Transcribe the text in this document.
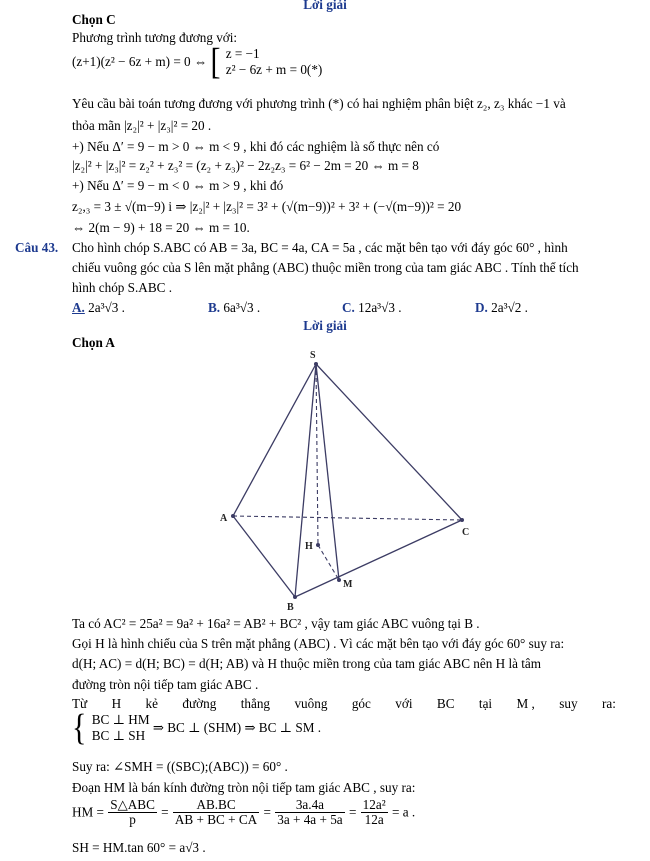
Lời giải
Chọn C
Phương trình tương đương với:
(z+1)(z² − 6z + m) = 0 ⇔ [ z = −1
z² − 6z + m = 0(*)
Yêu cầu bài toán tương đương với phương trình (*) có hai nghiệm phân biệt z₂, z₃ khác −1 và
thỏa mãn |z₂|² + |z₃|² = 20 .
+) Nếu Δ′ = 9 − m > 0 ⇔ m < 9 , khi đó các nghiệm là số thực nên có
|z₂|² + |z₃|² = z₂² + z₃² = (z₂ + z₃)² − 2z₂z₃ = 6² − 2m = 20 ⇔ m = 8
+) Nếu Δ′ = 9 − m < 0 ⇔ m > 9 , khi đó
z₂,₃ = 3 ± √(m−9) i ⇒ |z₂|² + |z₃|² = 3² + (√(m−9))² + 3² + (−√(m−9))² = 20
⇔ 2(m − 9) + 18 = 20 ⇔ m = 10.
Câu 43. Cho hình chóp S.ABC có AB = 3a, BC = 4a, CA = 5a , các mặt bên tạo với đáy góc 60° , hình
chiếu vuông góc của S lên mặt phẳng (ABC) thuộc miền trong của tam giác ABC . Tính thể tích
hình chóp S.ABC .
A. 2a³√3 .	B. 6a³√3 .	C. 12a³√3 .	D. 2a³√2 .
Lời giải
Chọn A
S
A
B
C
H
M
Ta có AC² = 25a² = 9a² + 16a² = AB² + BC² , vậy tam giác ABC vuông tại B .
Gọi H là hình chiếu của S trên mặt phẳng (ABC) . Vì các mặt bên tạo với đáy góc 60° suy ra:
d(H; AC) = d(H; BC) = d(H; AB) và H thuộc miền trong của tam giác ABC nên H là tâm
đường tròn nội tiếp tam giác ABC .
Từ H kẻ đường thẳng vuông góc với BC tại M , suy ra:
{ BC ⊥ HM
BC ⊥ SH
⇒ BC ⊥ (SHM) ⇒ BC ⊥ SM .
Suy ra: ∠SMH = ((SBC);(ABC)) = 60° .
Đoạn HM là bán kính đường tròn nội tiếp tam giác ABC , suy ra:
HM = $\frac{\text{S△ABC}}{p} = \frac{AB.BC}{AB + BC + CA} = \frac{3a.4a}{3a + 4a + 5a} = \frac{\text{12a²}}{12a} = a$ .
SH = HM.tan 60° = a√3 .
